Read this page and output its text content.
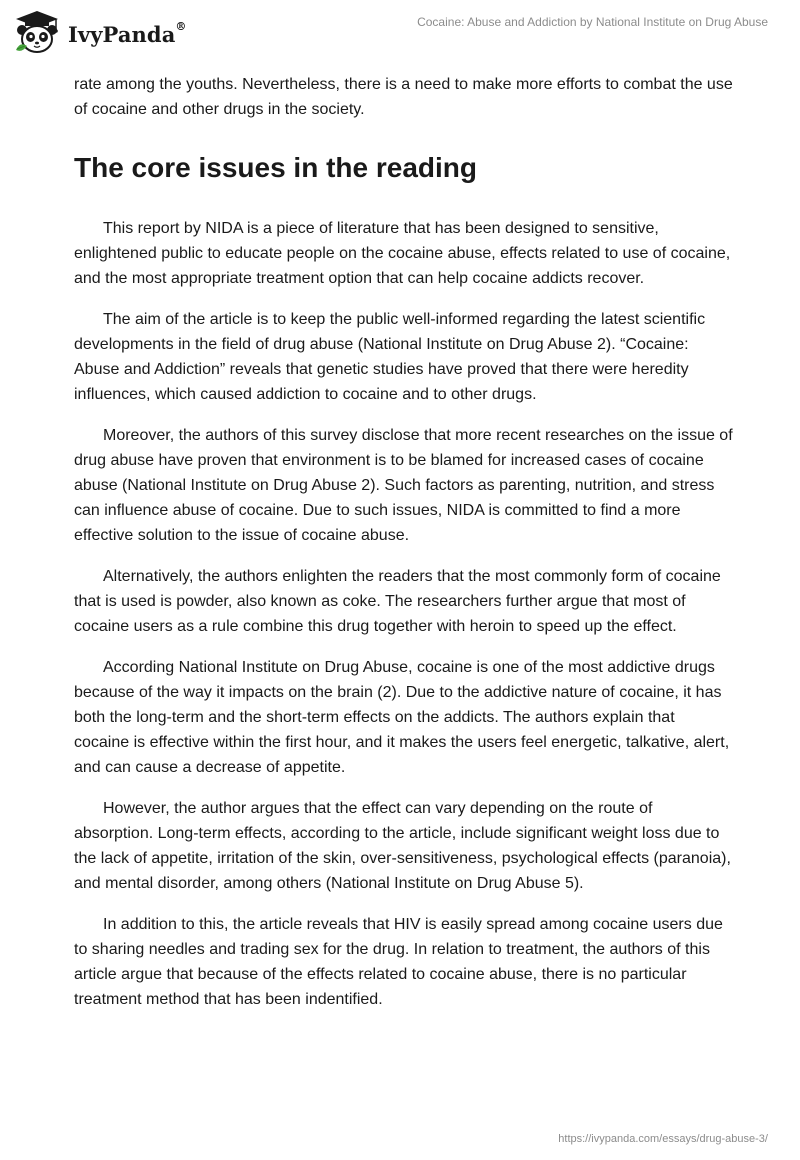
IvyPanda®	Cocaine: Abuse and Addiction by National Institute on Drug Abuse

rate among the youths. Nevertheless, there is a need to make more efforts to combat the use of cocaine and other drugs in the society.

The core issues in the reading

This report by NIDA is a piece of literature that has been designed to sensitive, enlightened public to educate people on the cocaine abuse, effects related to use of cocaine, and the most appropriate treatment option that can help cocaine addicts recover.

The aim of the article is to keep the public well-informed regarding the latest scientific developments in the field of drug abuse (National Institute on Drug Abuse 2). “Cocaine: Abuse and Addiction” reveals that genetic studies have proved that there were heredity influences, which caused addiction to cocaine and to other drugs.

Moreover, the authors of this survey disclose that more recent researches on the issue of drug abuse have proven that environment is to be blamed for increased cases of cocaine abuse (National Institute on Drug Abuse 2). Such factors as parenting, nutrition, and stress can influence abuse of cocaine. Due to such issues, NIDA is committed to find a more effective solution to the issue of cocaine abuse.

Alternatively, the authors enlighten the readers that the most commonly form of cocaine that is used is powder, also known as coke. The researchers further argue that most of cocaine users as a rule combine this drug together with heroin to speed up the effect.

According National Institute on Drug Abuse, cocaine is one of the most addictive drugs because of the way it impacts on the brain (2). Due to the addictive nature of cocaine, it has both the long-term and the short-term effects on the addicts. The authors explain that cocaine is effective within the first hour, and it makes the users feel energetic, talkative, alert, and can cause a decrease of appetite.

However, the author argues that the effect can vary depending on the route of absorption. Long-term effects, according to the article, include significant weight loss due to the lack of appetite, irritation of the skin, over-sensitiveness, psychological effects (paranoia), and mental disorder, among others (National Institute on Drug Abuse 5).

In addition to this, the article reveals that HIV is easily spread among cocaine users due to sharing needles and trading sex for the drug. In relation to treatment, the authors of this article argue that because of the effects related to cocaine abuse, there is no particular treatment method that has been indentified.

https://ivypanda.com/essays/drug-abuse-3/
